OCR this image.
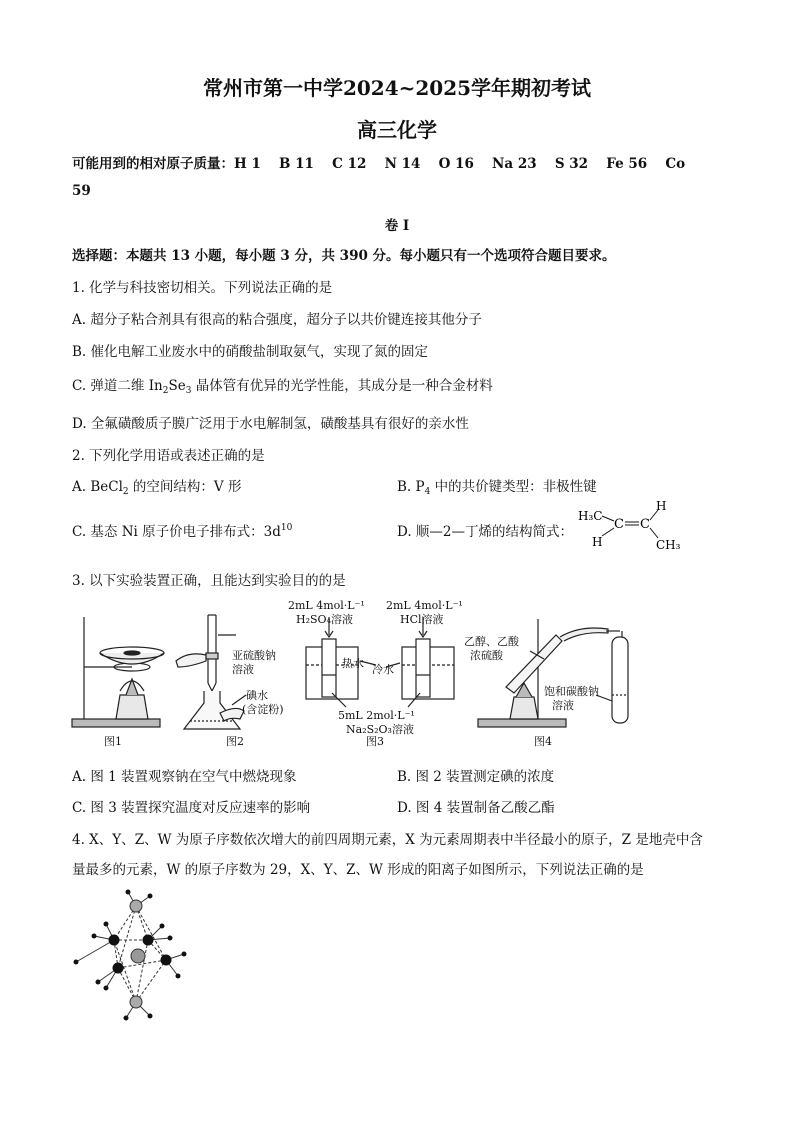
常州市第一中学2024~2025学年期初考试
高三化学
可能用到的相对原子质量：H 1　 B 11　 C 12　 N 14　 O 16　 Na 23　 S 32　 Fe 56　 Co
59
卷 I
选择题：本题共 13 小题，每小题 3 分，共 390 分。每小题只有一个选项符合题目要求。
1. 化学与科技密切相关。下列说法正确的是
A. 超分子粘合剂具有很高的粘合强度，超分子以共价键连接其他分子
B. 催化电解工业废水中的硝酸盐制取氨气，实现了氮的固定
C. 弹道二维 $In_2Se_3$ 晶体管有优异的光学性能，其成分是一种合金材料
D. 全氟磺酸质子膜广泛用于水电解制氢，磺酸基具有很好的亲水性
2. 下列化学用语或表述正确的是
A. BeCl$_2$ 的空间结构：V 形	B. $P_4$ 中的共价键类型：非极性键
C. 基态 Ni 原子价电子排布式：$3d^{10}$	D. 顺—2—丁烯的结构简式：
H₃C
C C
H
H
CH₃
3. 以下实验装置正确，且能达到实验目的的是
亚硫酸钠
溶液
碘水
(含淀粉)
2mL 4mol·L⁻¹
H₂SO₄溶液
2mL 4mol·L⁻¹
HCl溶液
热水 冷水
5mL 2mol·L⁻¹
Na₂S₂O₃溶液
乙醇、乙酸
浓硫酸
饱和碳酸钠
溶液
图1	图2	图3	图4
A. 图 1 装置观察钠在空气中燃烧现象	B. 图 2 装置测定碘的浓度
C. 图 3 装置探究温度对反应速率的影响	D. 图 4 装置制备乙酸乙酯
4. X、Y、Z、W 为原子序数依次增大的前四周期元素，X 为元素周期表中半径最小的原子，Z 是地壳中含
量最多的元素，W 的原子序数为 29，X、Y、Z、W 形成的阳离子如图所示，下列说法正确的是
